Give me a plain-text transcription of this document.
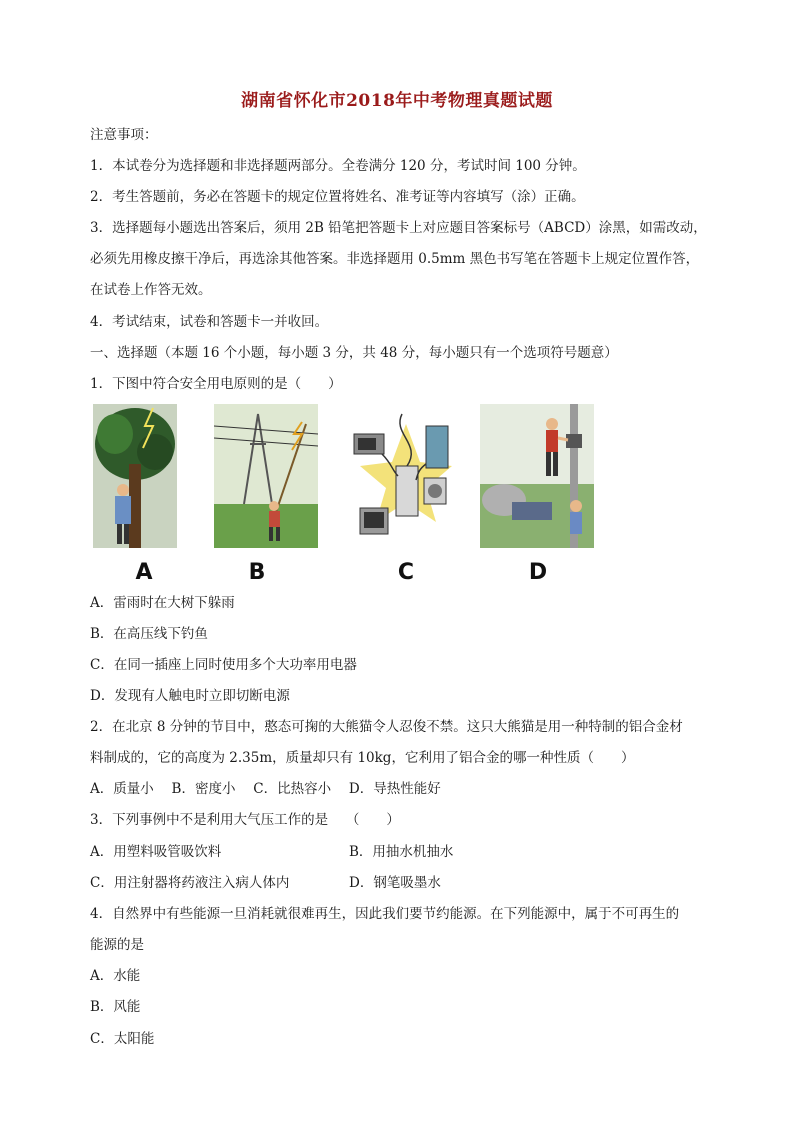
湖南省怀化市2018年中考物理真题试题
注意事项：
1．本试卷分为选择题和非选择题两部分。全卷满分 120 分，考试时间 100 分钟。
2．考生答题前，务必在答题卡的规定位置将姓名、准考证等内容填写（涂）正确。
3．选择题每小题选出答案后，须用 2B 铅笔把答题卡上对应题目答案标号（ABCD）涂黑，如需改动，
必须先用橡皮擦干净后，再选涂其他答案。非选择题用 0.5mm 黑色书写笔在答题卡上规定位置作答，
在试卷上作答无效。
4．考试结束，试卷和答题卡一并收回。
一、选择题（本题 16 个小题，每小题 3 分，共 48 分，每小题只有一个选项符号题意）
1．下图中符合安全用电原则的是（　　）
A	B	C	D
A．雷雨时在大树下躲雨
B．在高压线下钓鱼
C．在同一插座上同时使用多个大功率用电器
D．发现有人触电时立即切断电源
2．在北京 8 分钟的节目中，憨态可掬的大熊猫令人忍俊不禁。这只大熊猫是用一种特制的铝合金材
料制成的，它的高度为 2.35m，质量却只有 10kg，它利用了铝合金的哪一种性质（　　）
A．质量小　 B．密度小　 C．比热容小　 D．导热性能好
3．下列事例中不是利用大气压工作的是　 （　　）
A．用塑料吸管吸饮料	B．用抽水机抽水
C．用注射器将药液注入病人体内	D．钢笔吸墨水
4．自然界中有些能源一旦消耗就很难再生，因此我们要节约能源。在下列能源中，属于不可再生的
能源的是
A．水能
B．风能
C．太阳能
